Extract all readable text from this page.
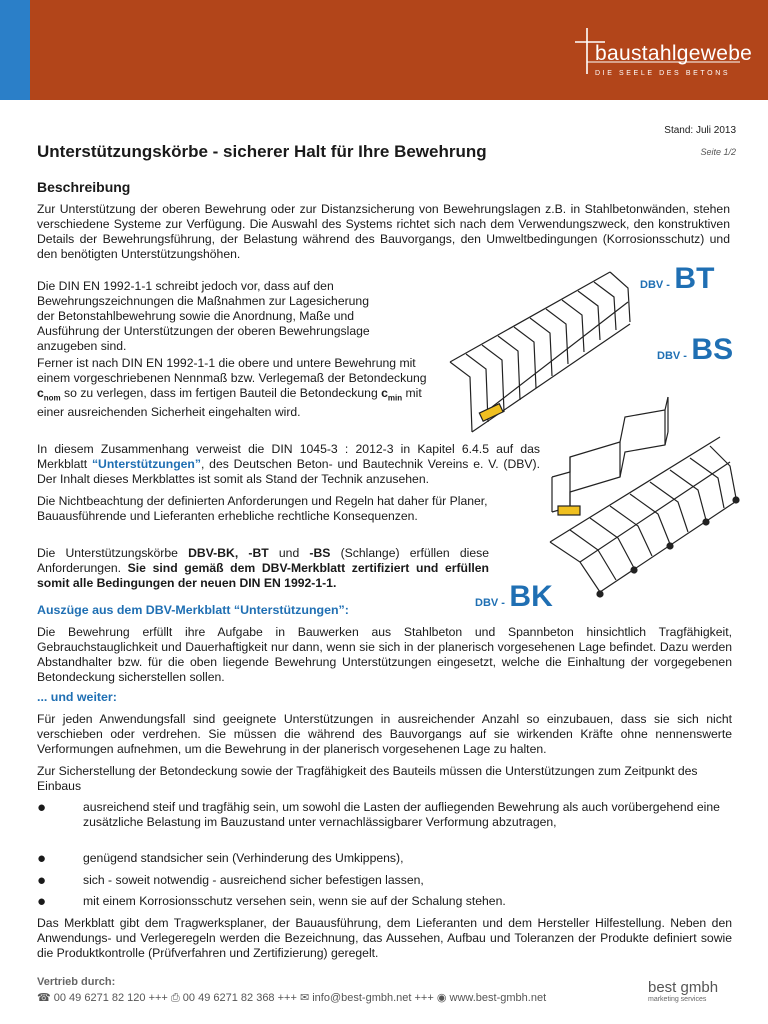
baustahlgewebe
DIE SEELE DES BETONS
Stand: Juli 2013
Seite 1/2
Unterstützungskörbe - sicherer Halt für Ihre Bewehrung
Beschreibung
Zur Unterstützung der oberen Bewehrung oder zur Distanzsicherung von Bewehrungslagen z.B. in Stahlbetonwänden, stehen verschiedene Systeme zur Verfügung. Die Auswahl des Systems richtet sich nach dem Verwendungszweck, den konstruktiven Details der Bewehrungsführung, der Belastung während des Bauvorgangs, den Umweltbedingungen (Korrosionsschutz) und den benötigten Unterstützungshöhen.
Die DIN EN 1992-1-1 schreibt jedoch vor, dass auf den Bewehrungszeichnungen die Maßnahmen zur Lagesicherung der Betonstahlbewehrung sowie die Anordnung, Maße und Ausführung der Unterstützungen der oberen Bewehrungslage anzugeben sind.
Ferner ist nach DIN EN 1992-1-1 die obere und untere Bewehrung mit einem vorgeschriebenen Nennmaß bzw. Verlegemaß der Betondeckung $c_{nom}$ so zu verlegen, dass im fertigen Bauteil die Betondeckung $c_{min}$ mit einer ausreichenden Sicherheit eingehalten wird.
In diesem Zusammenhang verweist die DIN 1045-3 : 2012-3 in Kapitel 6.4.5 auf das Merkblatt “Unterstützungen”, des Deutschen Beton- und Bautechnik Vereins e. V. (DBV). Der Inhalt dieses Merkblattes ist somit als Stand der Technik anzusehen.
Die Nichtbeachtung der definierten Anforderungen und Regeln hat daher für Planer, Bauausführende und Lieferanten erhebliche rechtliche Konsequenzen.
Die Unterstützungskörbe DBV-BK, -BT und -BS (Schlange) erfüllen diese Anforderungen. Sie sind gemäß dem DBV-Merkblatt zertifiziert und erfüllen somit alle Bedingungen der neuen DIN EN 1992-1-1.
DBV - BT
DBV - BS
DBV - BK
Auszüge aus dem DBV-Merkblatt “Unterstützungen”:
Die Bewehrung erfüllt ihre Aufgabe in Bauwerken aus Stahlbeton und Spannbeton hinsichtlich Tragfähigkeit, Gebrauchstauglichkeit und Dauerhaftigkeit nur dann, wenn sie sich in der planerisch vorgesehenen Lage befindet. Dazu werden Abstandhalter bzw. für die oben liegende Bewehrung Unterstützungen eingesetzt, welche die Einhaltung der vorgegebenen Betondeckung sicherstellen sollen.
... und weiter:
Für jeden Anwendungsfall sind geeignete Unterstützungen in ausreichender Anzahl so einzubauen, dass sie sich nicht verschieben oder verdrehen. Sie müssen die während des Bauvorgangs auf sie wirkenden Kräfte ohne nennenswerte Verformungen aufnehmen, um die Bewehrung in der planerisch vorgesehenen Lage zu halten.
Zur Sicherstellung der Betondeckung sowie der Tragfähigkeit des Bauteils müssen die Unterstützungen zum Zeitpunkt des Einbaus
●	ausreichend steif und tragfähig sein, um sowohl die Lasten der aufliegenden Bewehrung als auch vorübergehend eine zusätzliche Belastung im Bauzustand unter vernachlässigbarer Verformung abzutragen,
●	genügend standsicher sein (Verhinderung des Umkippens),
●	sich - soweit notwendig - ausreichend sicher befestigen lassen,
●	mit einem Korrosionsschutz versehen sein, wenn sie auf der Schalung stehen.
Das Merkblatt gibt dem Tragwerksplaner, der Bauausführung, dem Lieferanten und dem Hersteller Hilfestellung. Neben den Anwendungs- und Verlegeregeln werden die Bezeichnung, das Aussehen, Aufbau und Toleranzen der Produkte definiert sowie die Produktkontrolle (Prüfverfahren und Zertifizierung) geregelt.
Vertrieb durch:
☎ 00 49 6271 82 120 +++ ⎙ 00 49 6271 82 368 +++ ✉ info@best-gmbh.net +++ ◉ www.best-gmbh.net
best gmbh
marketing services
